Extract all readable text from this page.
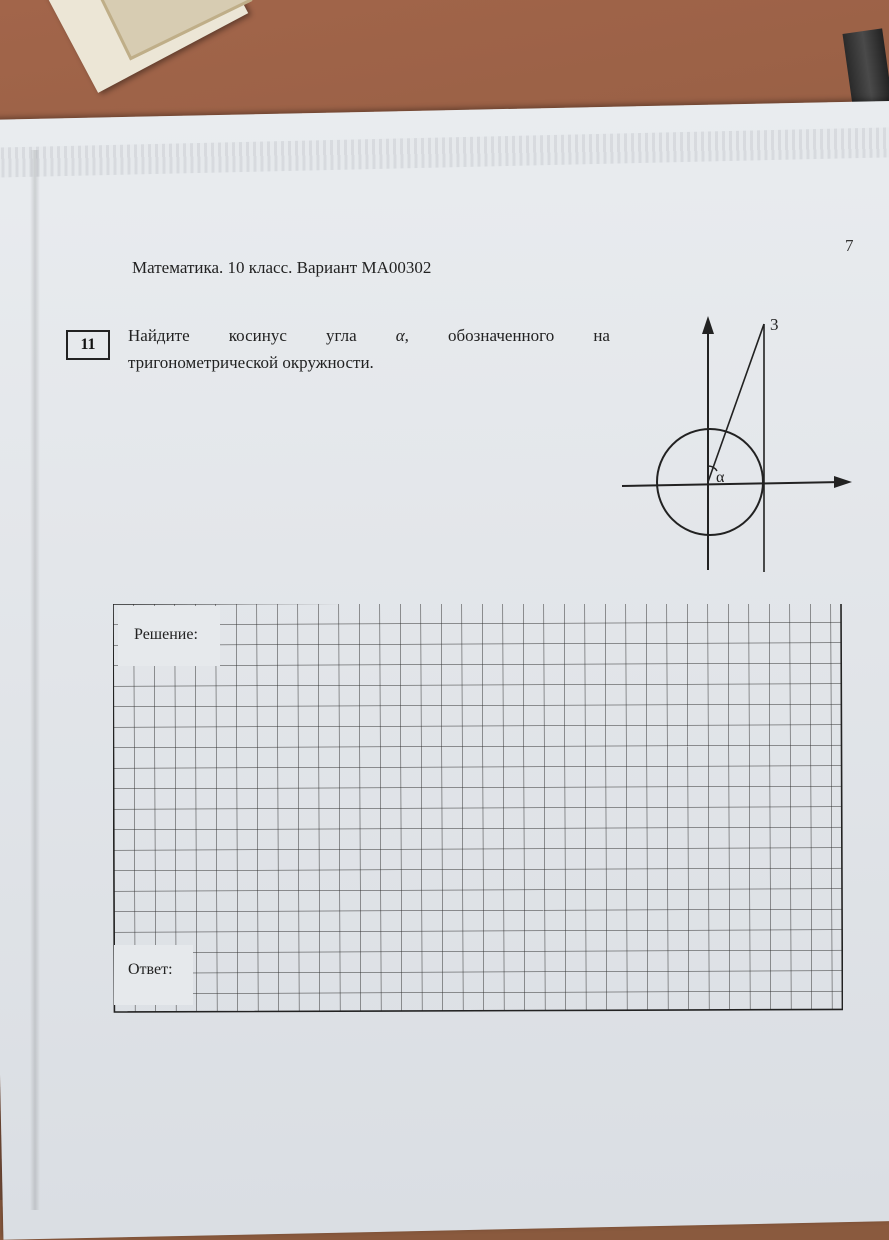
7
Математика. 10 класс. Вариант МА00302
11	Найдите косинус угла α, обозначенного на
тригонометрической окружности.
α
3
Решение:
Ответ:
